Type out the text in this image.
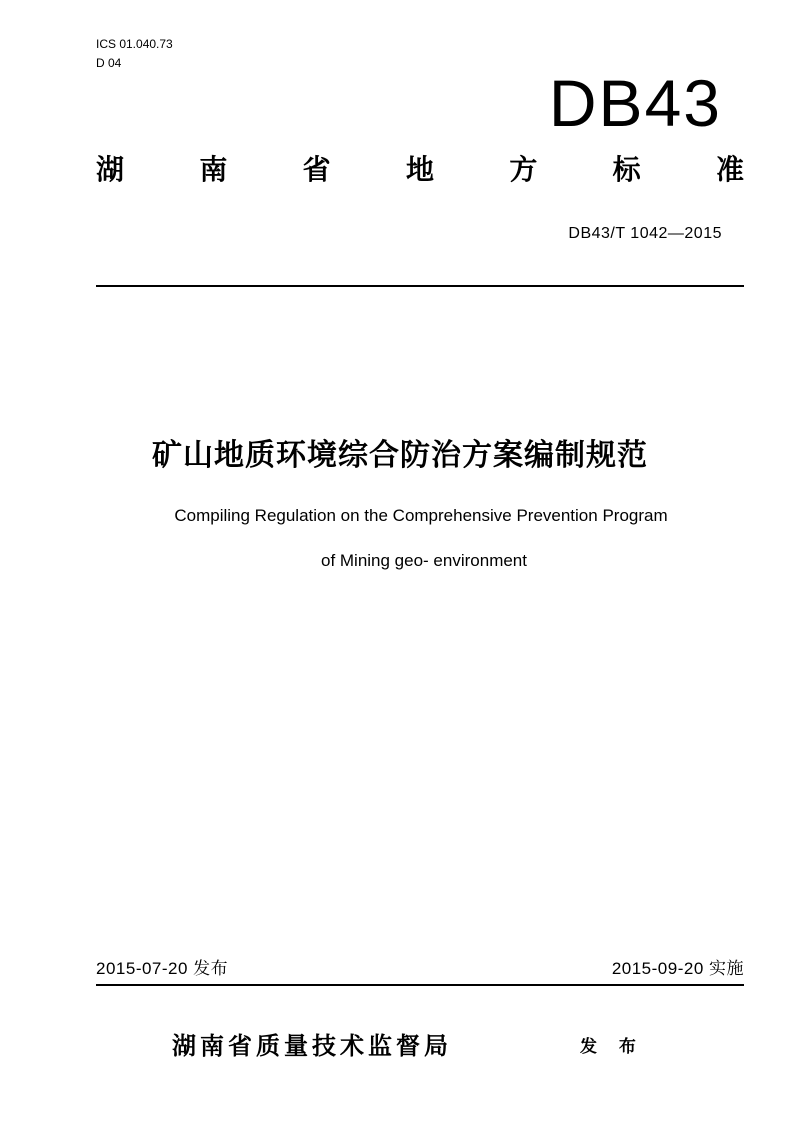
ICS 01.040.73
D 04
DB43
湖	南	省	地	方	标	准
DB43/T 1042—2015
矿山地质环境综合防治方案编制规范
Compiling Regulation on the Comprehensive Prevention Program
of Mining geo- environment
2015-07-20 发布	2015-09-20 实施
湖南省质量技术监督局	发 布
